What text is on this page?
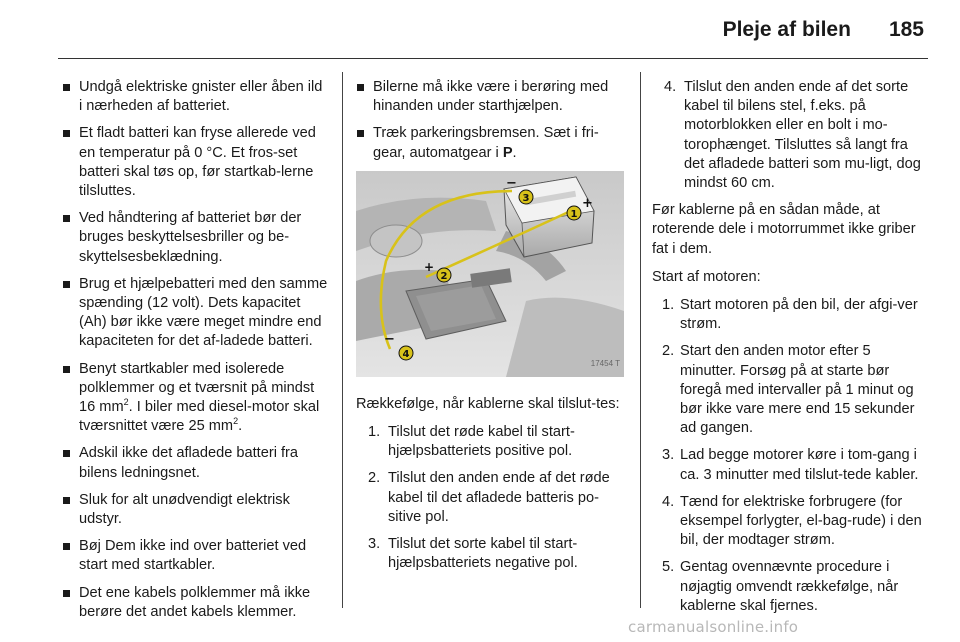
Pleje af bilen 185
Undgå elektriske gnister eller åben ild i nærheden af batteriet.
Et fladt batteri kan fryse allerede ved en temperatur på 0 °C. Et fros-set batteri skal tøs op, før startkab-lerne tilsluttes.
Ved håndtering af batteriet bør der bruges beskyttelsesbriller og be-skyttelsesbeklædning.
Brug et hjælpebatteri med den samme spænding (12 volt). Dets kapacitet (Ah) bør ikke være meget mindre end kapaciteten for det af-ladede batteri.
Benyt startkabler med isolerede polklemmer og et tværsnit på mindst 16 $mm^2$. I biler med diesel-motor skal tværsnittet være 25 $mm^2$.
Adskil ikke det afladede batteri fra bilens ledningsnet.
Sluk for alt unødvendigt elektrisk udstyr.
Bøj Dem ikke ind over batteriet ved start med startkabler.
Det ene kabels polklemmer må ikke berøre det andet kabels klemmer.
Bilerne må ikke være i berøring med hinanden under starthjælpen.
Træk parkeringsbremsen. Sæt i fri-gear, automatgear i P.
+
−
+
−
1
2
3
4
17454 T

Rækkefølge, når kablerne skal tilslut-tes:

1. Tilslut det røde kabel til start-hjælpsbatteriets positive pol.
2. Tilslut den anden ende af det røde kabel til det afladede batteris po-sitive pol.
3. Tilslut det sorte kabel til start-hjælpsbatteriets negative pol.
4. Tilslut den anden ende af det sorte kabel til bilens stel, f.eks. på motorblokken eller en bolt i mo-torophænget. Tilsluttes så langt fra det afladede batteri som mu-ligt, dog mindst 60 cm.

Før kablerne på en sådan måde, at roterende dele i motorrummet ikke griber fat i dem.

Start af motoren:

1. Start motoren på den bil, der afgi-ver strøm.
2. Start den anden motor efter 5 minutter. Forsøg på at starte bør foregå med intervaller på 1 minut og bør ikke vare mere end 15 sekunder ad gangen.
3. Lad begge motorer køre i tom-gang i ca. 3 minutter med tilslut-tede kabler.
4. Tænd for elektriske forbrugere (for eksempel forlygter, el-bag-rude) i den bil, der modtager strøm.
5. Gentag ovennævnte procedure i nøjagtig omvendt rækkefølge, når kablerne skal fjernes.
carmanualsonline.info
